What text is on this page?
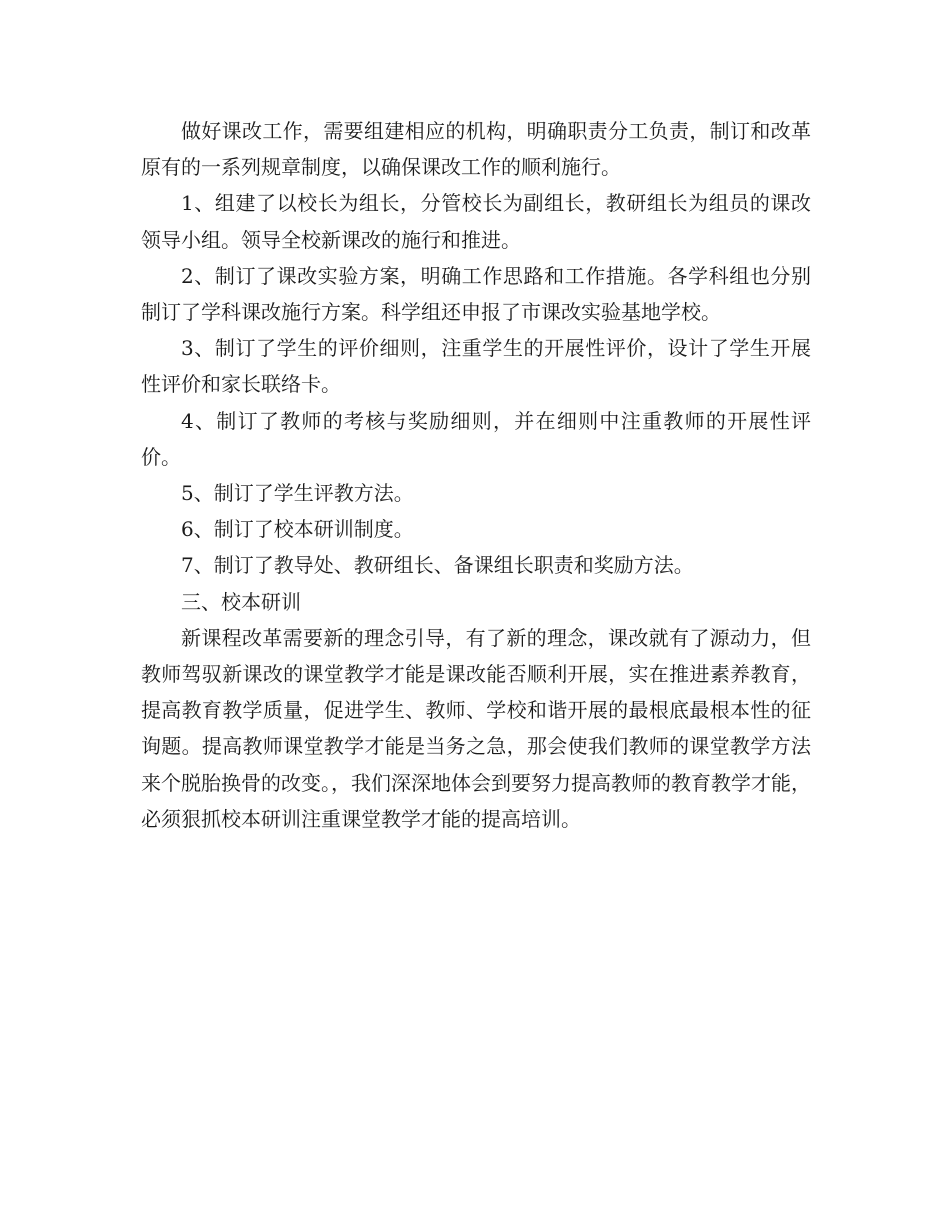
做好课改工作，需要组建相应的机构，明确职责分工负责，制订和改革原有的一系列规章制度，以确保课改工作的顺利施行。

1、组建了以校长为组长，分管校长为副组长，教研组长为组员的课改领导小组。领导全校新课改的施行和推进。

2、制订了课改实验方案，明确工作思路和工作措施。各学科组也分别制订了学科课改施行方案。科学组还申报了市课改实验基地学校。

3、制订了学生的评价细则，注重学生的开展性评价，设计了学生开展性评价和家长联络卡。

4、制订了教师的考核与奖励细则，并在细则中注重教师的开展性评价。

5、制订了学生评教方法。

6、制订了校本研训制度。

7、制订了教导处、教研组长、备课组长职责和奖励方法。

三、校本研训

新课程改革需要新的理念引导，有了新的理念，课改就有了源动力，但教师驾驭新课改的课堂教学才能是课改能否顺利开展，实在推进素养教育，提高教育教学质量，促进学生、教师、学校和谐开展的最根底最根本性的征询题。提高教师课堂教学才能是当务之急，那会使我们教师的课堂教学方法来个脱胎换骨的改变。，我们深深地体会到要努力提高教师的教育教学才能，必须狠抓校本研训注重课堂教学才能的提高培训。
